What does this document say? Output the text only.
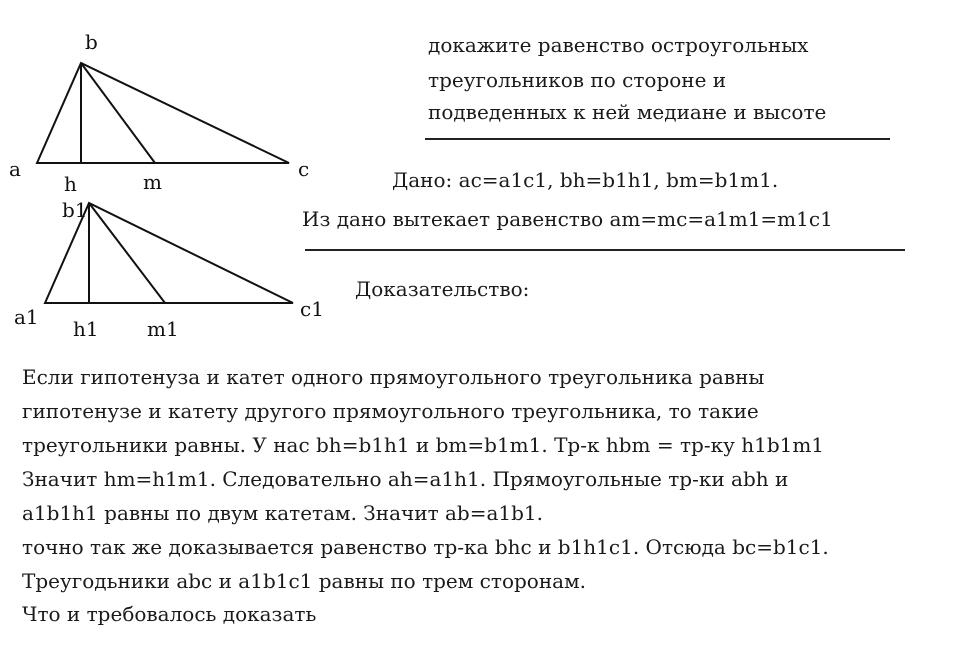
b
a	c
h	m
b1
a1	c1
h1 m1
докажите равенство остроугольных
треугольников по стороне и
подведенных к ней медиане и высоте
Дано: ac=a1c1, bh=b1h1, bm=b1m1.
Из дано вытекает равенство am=mc=a1m1=m1c1
Доказательство:
Если гипотенуза и катет одного прямоугольного треугольника равны
гипотенузе и катету другого прямоугольного треугольника, то такие
треугольники равны. У нас bh=b1h1 и bm=b1m1. Тр-к hbm = тр-ку h1b1m1
Значит hm=h1m1. Следовательно ah=a1h1. Прямоугольные тр-ки abh и
a1b1h1 равны по двум катетам. Значит ab=a1b1.
точно так же доказывается равенство тр-ка bhc и b1h1c1. Отсюда bc=b1c1.
Треугодьники abc и a1b1c1 равны по трем сторонам.
Что и требовалось доказать
